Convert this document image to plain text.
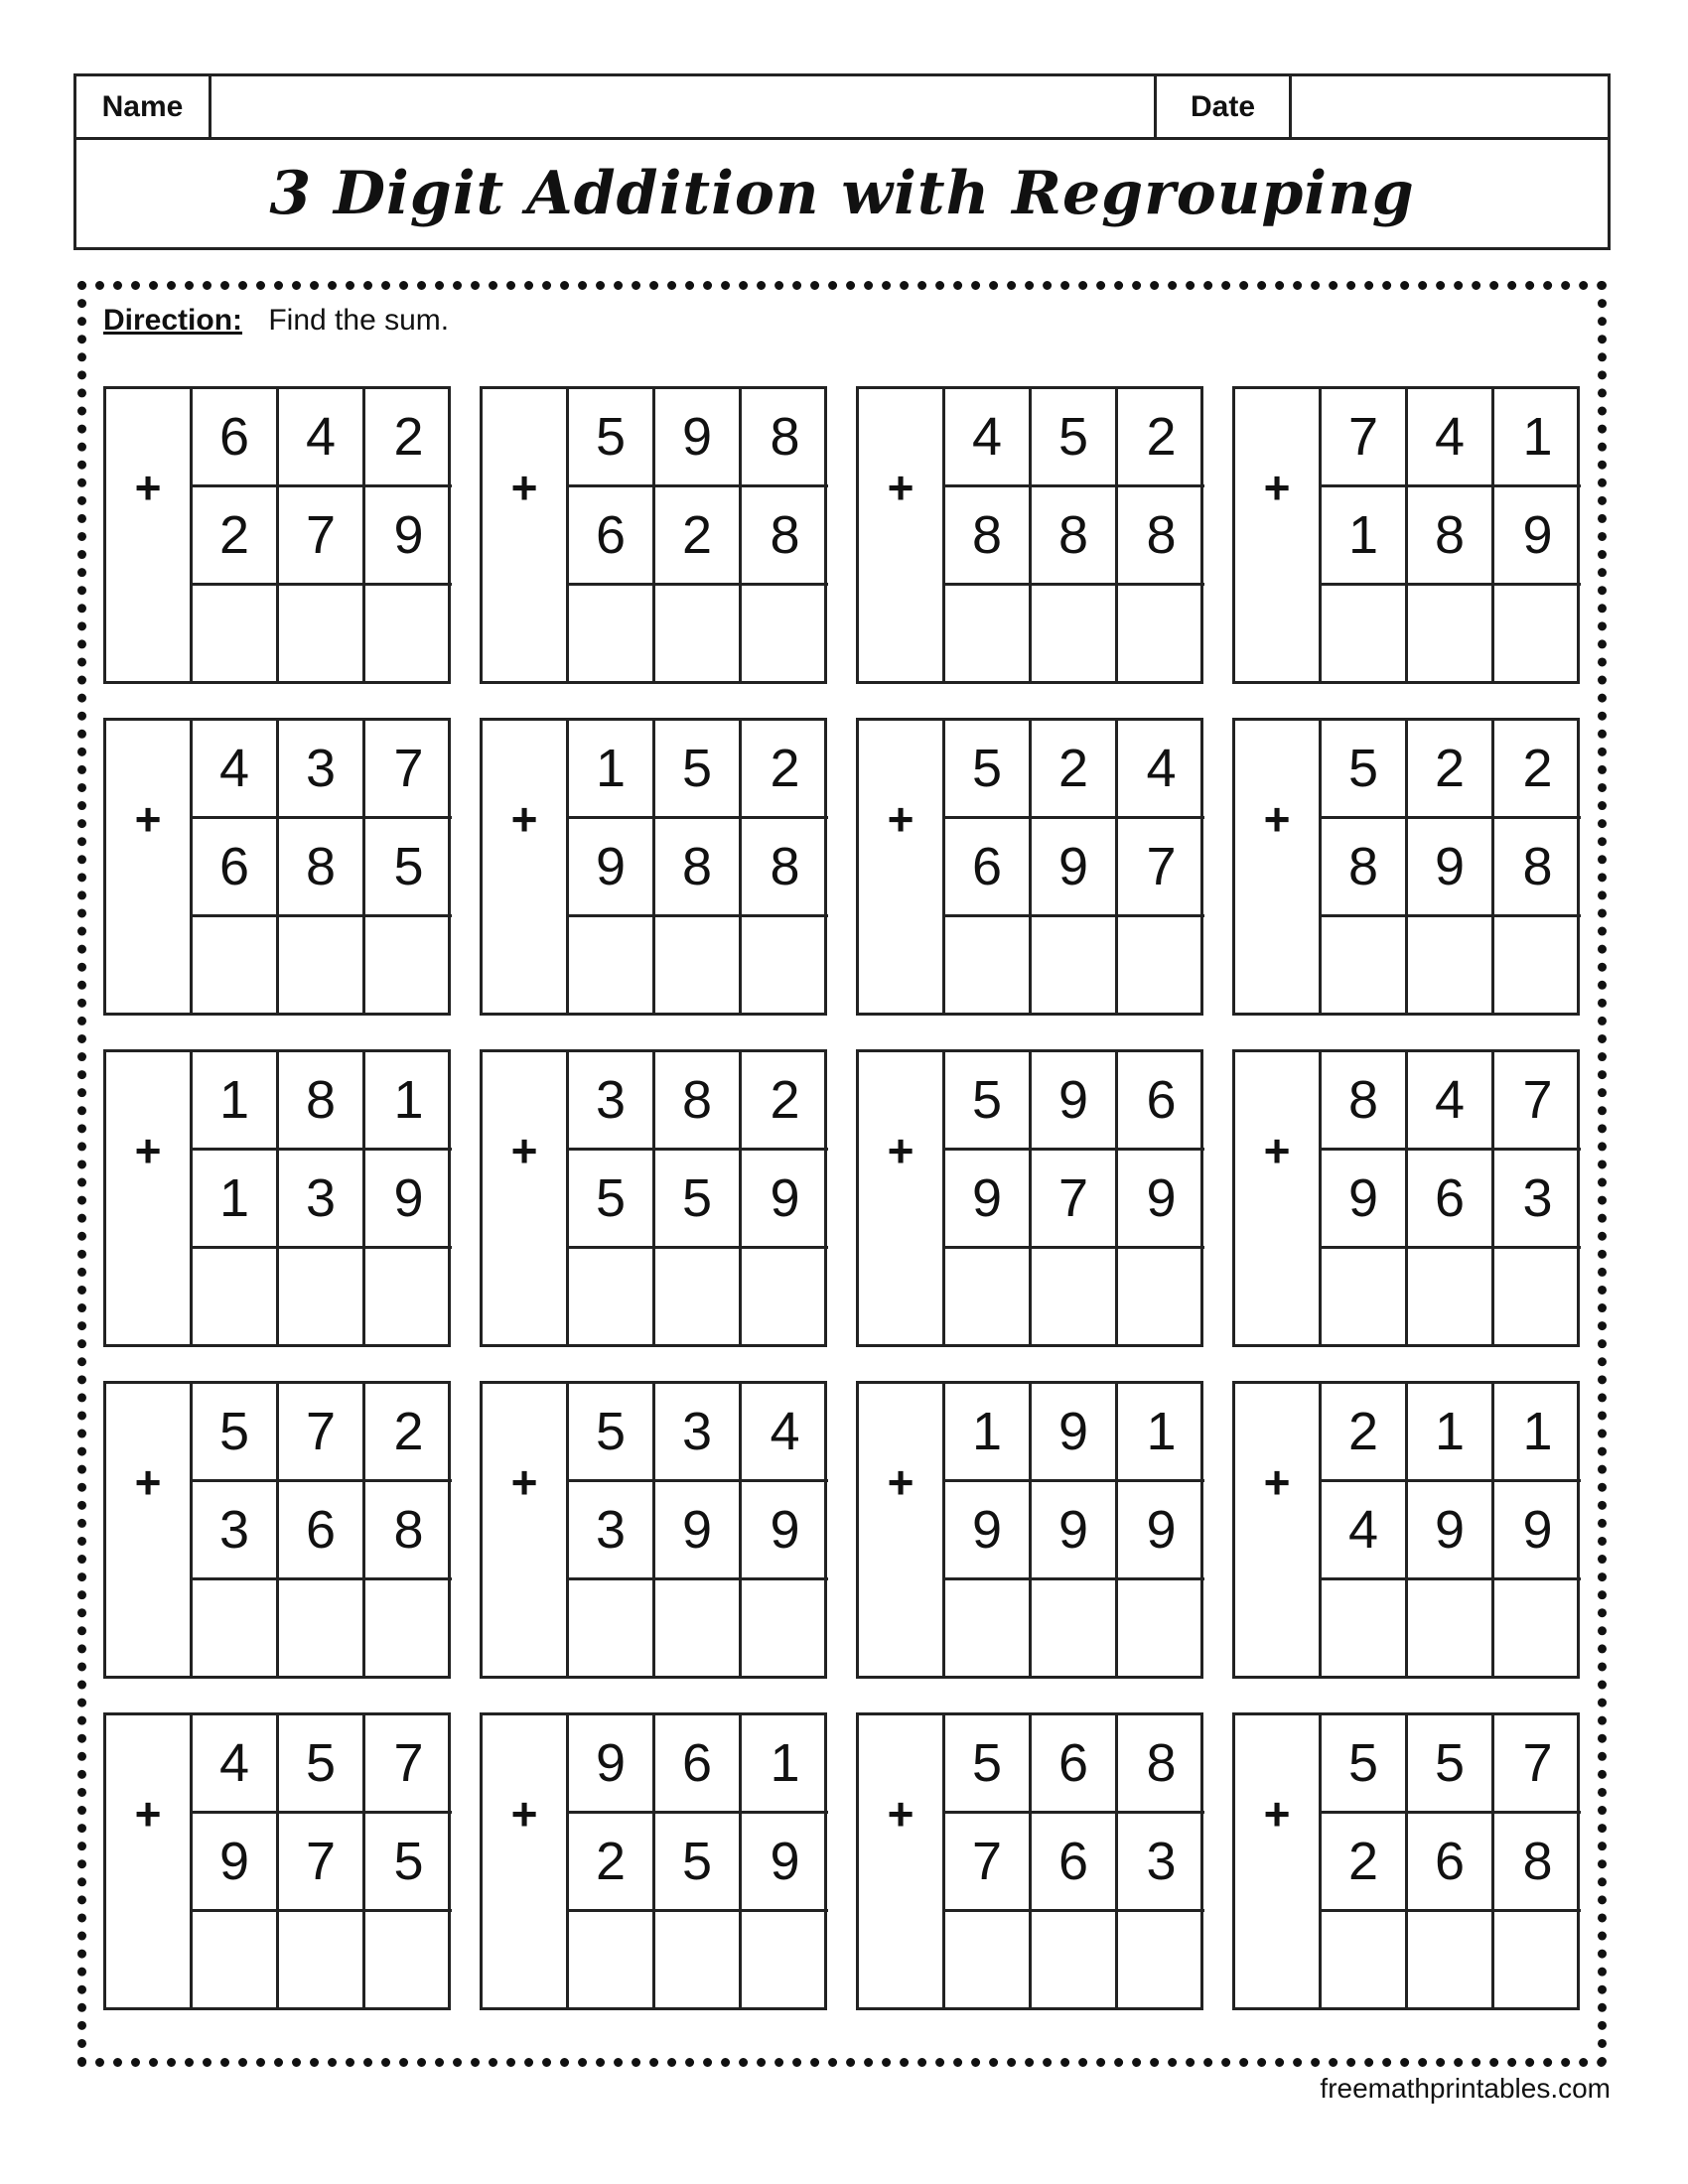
Name	Date
3 Digit Addition with Regrouping
Direction: Find the sum.
+
6	4	2
2	7	9
+
5	9	8
6	2	8
+
4	5	2
8	8	8
+
7	4	1
1	8	9
+
4	3	7
6	8	5
+
1	5	2
9	8	8
+
5	2	4
6	9	7
+
5	2	2
8	9	8
+
1	8	1
1	3	9
+
3	8	2
5	5	9
+
5	9	6
9	7	9
+
8	4	7
9	6	3
+
5	7	2
3	6	8
+
5	3	4
3	9	9
+
1	9	1
9	9	9
+
2	1	1
4	9	9
+
4	5	7
9	7	5
+
9	6	1
2	5	9
+
5	6	8
7	6	3
+
5	5	7
2	6	8
freemathprintables.com
